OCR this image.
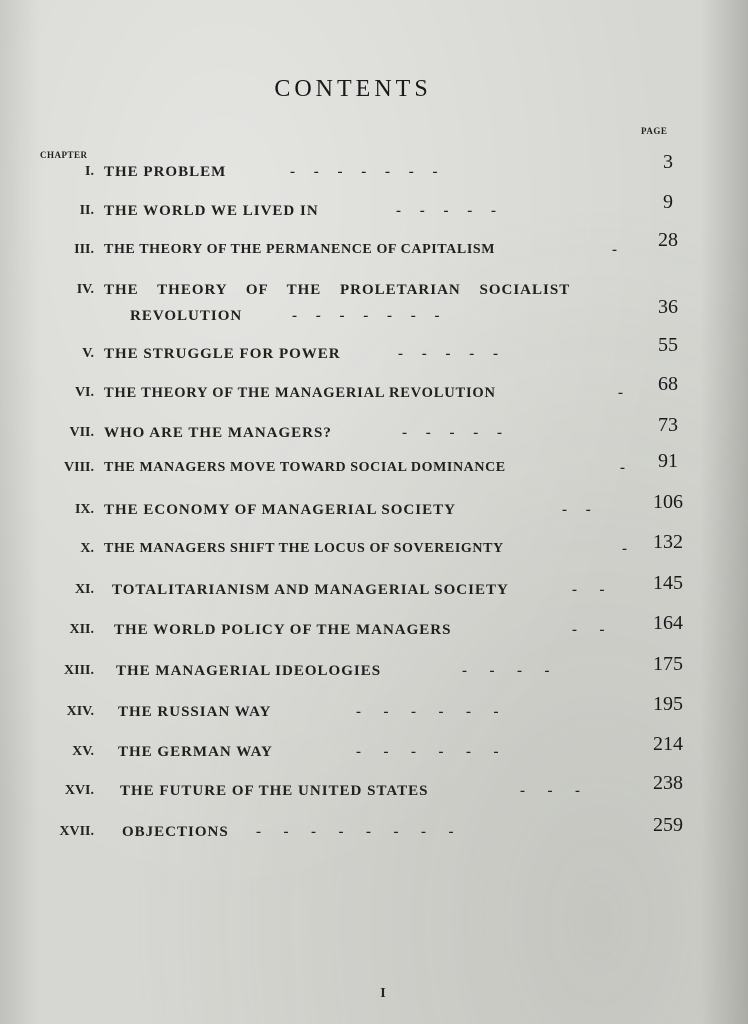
CONTENTS
CHAPTER
PAGE
I. THE PROBLEM	-     -     -     -     -     -     -	3
II. THE WORLD WE LIVED IN	-     -     -     -     -	9
III. THE THEORY OF THE PERMANENCE OF CAPITALISM	-	28
IV. THE THEORY OF THE PROLETARIAN SOCIALIST
REVOLUTION	-     -     -     -     -     -     -	36
V. THE STRUGGLE FOR POWER	-     -     -     -     -	55
VI. THE THEORY OF THE MANAGERIAL REVOLUTION	-	68
VII. WHO ARE THE MANAGERS?	-     -     -     -     -	73
VIII. THE MANAGERS MOVE TOWARD SOCIAL DOMINANCE	-	91
IX. THE ECONOMY OF MANAGERIAL SOCIETY	-     -	106
X. THE MANAGERS SHIFT THE LOCUS OF SOVEREIGNTY	-	132
XI. TOTALITARIANISM AND MANAGERIAL SOCIETY	-      -	145
XII. THE WORLD POLICY OF THE MANAGERS	-      -	164
XIII. THE MANAGERIAL IDEOLOGIES	-      -      -      -	175
XIV. THE RUSSIAN WAY	-      -      -      -      -      -	195
XV. THE GERMAN WAY	-      -      -      -      -      -	214
XVI. THE FUTURE OF THE UNITED STATES	-      -      -	238
XVII. OBJECTIONS -      -      -      -      -      -      -      -	259
I
